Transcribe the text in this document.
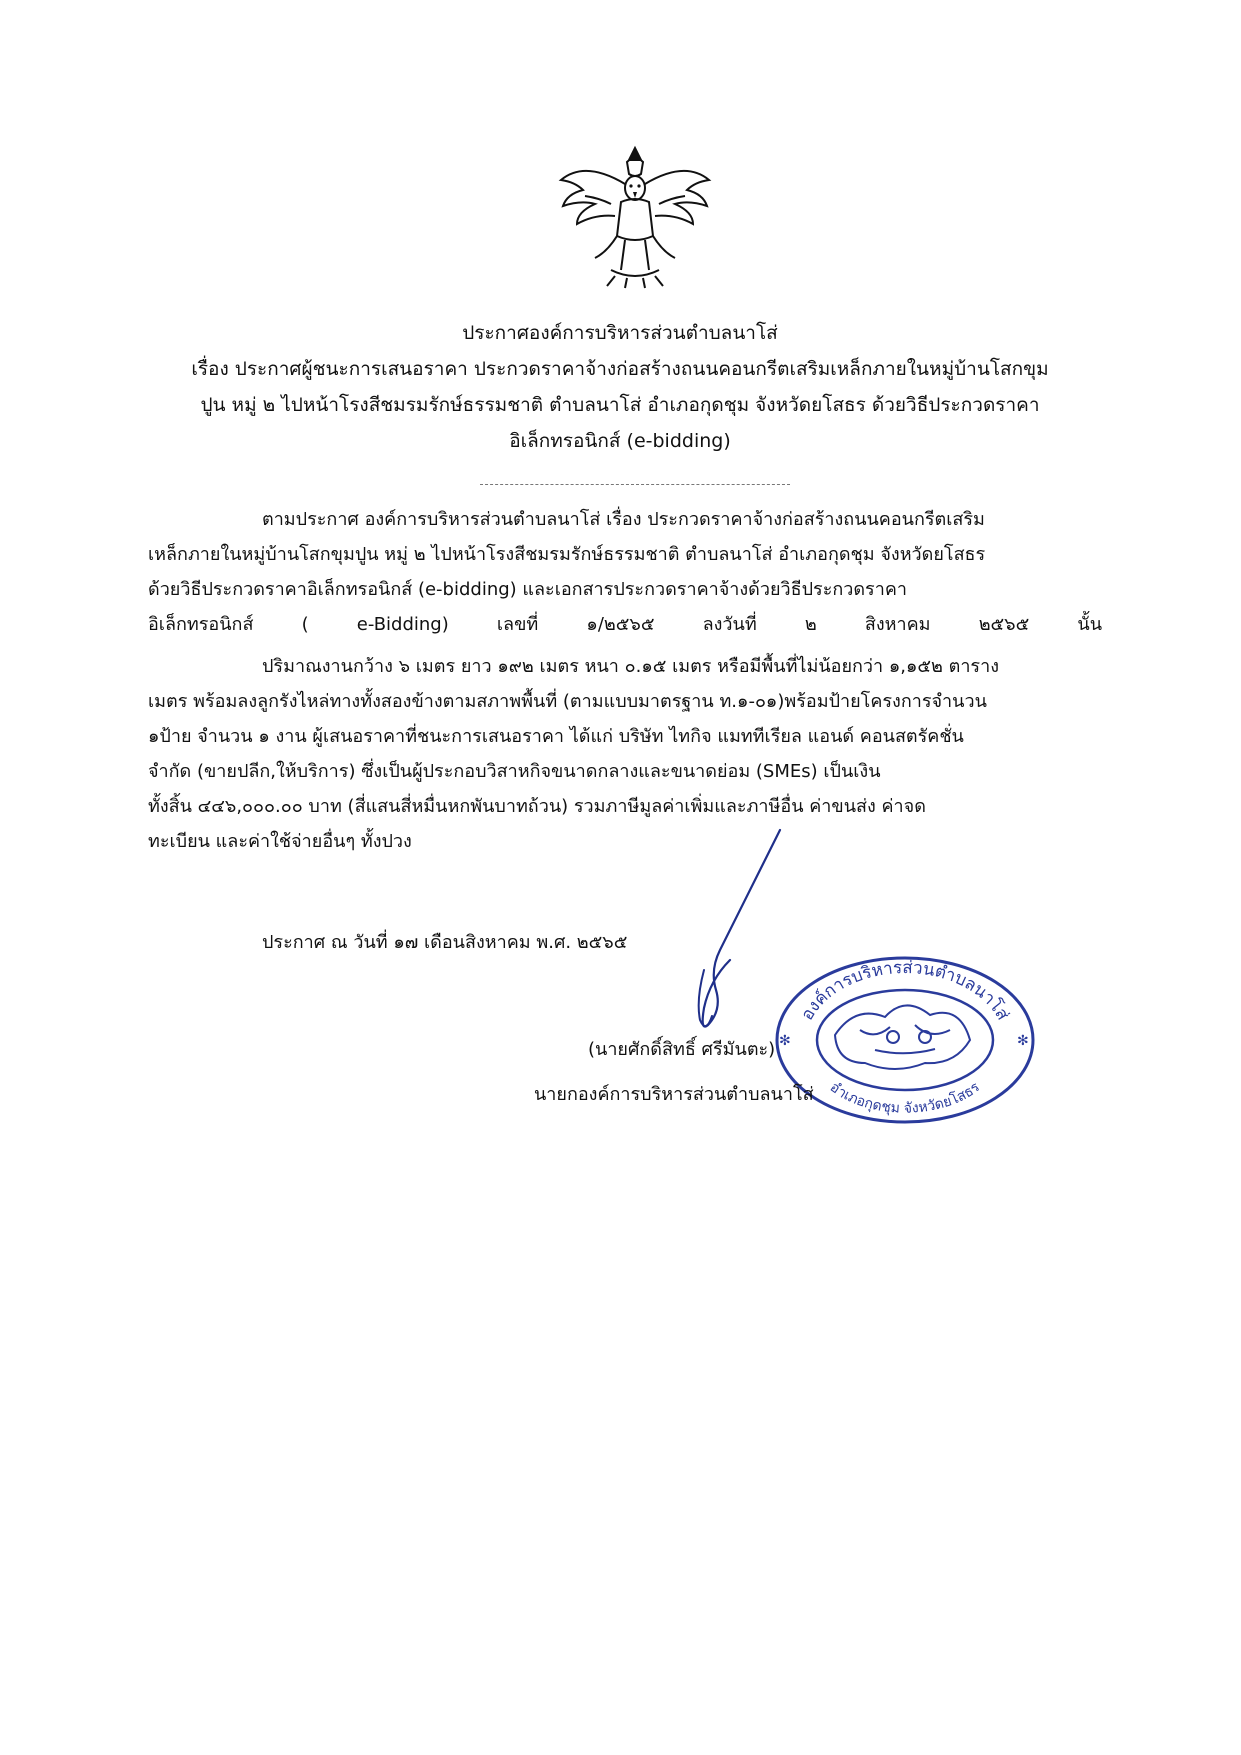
ประกาศองค์การบริหารส่วนตำบลนาโส่
เรื่อง ประกาศผู้ชนะการเสนอราคา ประกวดราคาจ้างก่อสร้างถนนคอนกรีตเสริมเหล็กภายในหมู่บ้านโสกขุม
ปูน หมู่ ๒ ไปหน้าโรงสีชมรมรักษ์ธรรมชาติ ตำบลนาโส่ อำเภอกุดชุม จังหวัดยโสธร ด้วยวิธีประกวดราคา
อิเล็กทรอนิกส์ (e-bidding)
ตามประกาศ องค์การบริหารส่วนตำบลนาโส่ เรื่อง ประกวดราคาจ้างก่อสร้างถนนคอนกรีตเสริม
เหล็กภายในหมู่บ้านโสกขุมปูน หมู่ ๒ ไปหน้าโรงสีชมรมรักษ์ธรรมชาติ ตำบลนาโส่ อำเภอกุดชุม จังหวัดยโสธร
ด้วยวิธีประกวดราคาอิเล็กทรอนิกส์ (e-bidding) และเอกสารประกวดราคาจ้างด้วยวิธีประกวดราคา
อิเล็กทรอนิกส์ ( e-Bidding) เลขที่ ๑/๒๕๖๕ ลงวันที่ ๒ สิงหาคม ๒๕๖๕ นั้น
ปริมาณงานกว้าง ๖ เมตร ยาว ๑๙๒ เมตร หนา ๐.๑๕ เมตร หรือมีพื้นที่ไม่น้อยกว่า ๑,๑๕๒ ตาราง
เมตร พร้อมลงลูกรังไหล่ทางทั้งสองข้างตามสภาพพื้นที่ (ตามแบบมาตรฐาน ท.๑-๐๑)พร้อมป้ายโครงการจำนวน
๑ป้าย จำนวน ๑ งาน ผู้เสนอราคาที่ชนะการเสนอราคา ได้แก่ บริษัท ไทกิจ แมททีเรียล แอนด์ คอนสตรัคชั่น
จำกัด (ขายปลีก,ให้บริการ) ซึ่งเป็นผู้ประกอบวิสาหกิจขนาดกลางและขนาดย่อม (SMEs) เป็นเงิน
ทั้งสิ้น ๔๔๖,๐๐๐.๐๐ บาท (สี่แสนสี่หมื่นหกพันบาทถ้วน) รวมภาษีมูลค่าเพิ่มและภาษีอื่น ค่าขนส่ง ค่าจด
ทะเบียน และค่าใช้จ่ายอื่นๆ ทั้งปวง
ประกาศ ณ วันที่ ๑๗ เดือนสิงหาคม พ.ศ. ๒๕๖๕
องค์การบริหารส่วนตำบลนาโส่
อำเภอกุดชุม จังหวัดยโสธร
✻	✻
(นายศักดิ์สิทธิ์ ศรีมันตะ)
นายกองค์การบริหารส่วนตำบลนาโส่
